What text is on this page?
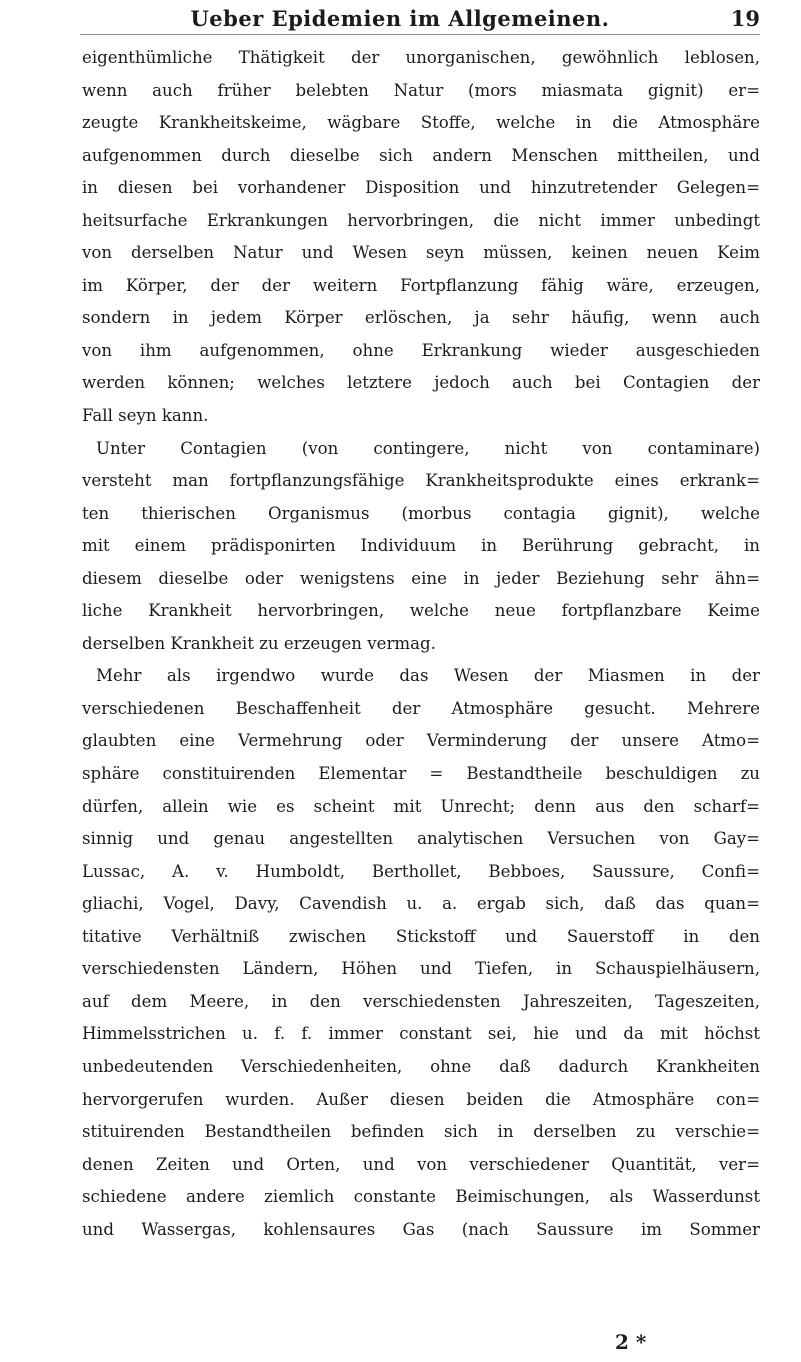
Ueber Epidemien im Allgemeinen.	19
eigenthümliche Thätigkeit der unorganischen, gewöhnlich leblosen,
wenn auch früher belebten Natur (mors miasmata gignit) er=
zeugte Krankheitskeime, wägbare Stoffe, welche in die Atmosphäre
aufgenommen durch dieselbe sich andern Menschen mittheilen, und
in diesen bei vorhandener Disposition und hinzutretender Gelegen=
heitsurfache Erkrankungen hervorbringen, die nicht immer unbedingt
von derselben Natur und Wesen seyn müssen, keinen neuen Keim
im Körper, der der weitern Fortpflanzung fähig wäre, erzeugen,
sondern in jedem Körper erlöschen, ja sehr häufig, wenn auch
von ihm aufgenommen, ohne Erkrankung wieder ausgeschieden
werden können; welches letztere jedoch auch bei Contagien der
Fall seyn kann.
Unter Contagien (von contingere, nicht von contaminare)
versteht man fortpflanzungsfähige Krankheitsprodukte eines erkrank=
ten thierischen Organismus (morbus contagia gignit), welche
mit einem prädisponirten Individuum in Berührung gebracht, in
diesem dieselbe oder wenigstens eine in jeder Beziehung sehr ähn=
liche Krankheit hervorbringen, welche neue fortpflanzbare Keime
derselben Krankheit zu erzeugen vermag.
Mehr als irgendwo wurde das Wesen der Miasmen in der
verschiedenen Beschaffenheit der Atmosphäre gesucht. Mehrere
glaubten eine Vermehrung oder Verminderung der unsere Atmo=
sphäre constituirenden Elementar = Bestandtheile beschuldigen zu
dürfen, allein wie es scheint mit Unrecht; denn aus den scharf=
sinnig und genau angestellten analytischen Versuchen von Gay=
Lussac, A. v. Humboldt, Berthollet, Bebboes, Saussure, Confi=
gliachi, Vogel, Davy, Cavendish u. a. ergab sich, daß das quan=
titative Verhältniß zwischen Stickstoff und Sauerstoff in den
verschiedensten Ländern, Höhen und Tiefen, in Schauspielhäusern,
auf dem Meere, in den verschiedensten Jahreszeiten, Tageszeiten,
Himmelsstrichen u. f. f. immer constant sei, hie und da mit höchst
unbedeutenden Verschiedenheiten, ohne daß dadurch Krankheiten
hervorgerufen wurden. Außer diesen beiden die Atmosphäre con=
stituirenden Bestandtheilen befinden sich in derselben zu verschie=
denen Zeiten und Orten, und von verschiedener Quantität, ver=
schiedene andere ziemlich constante Beimischungen, als Wasserdunst
und Wassergas, kohlensaures Gas (nach Saussure im Sommer
2 *
